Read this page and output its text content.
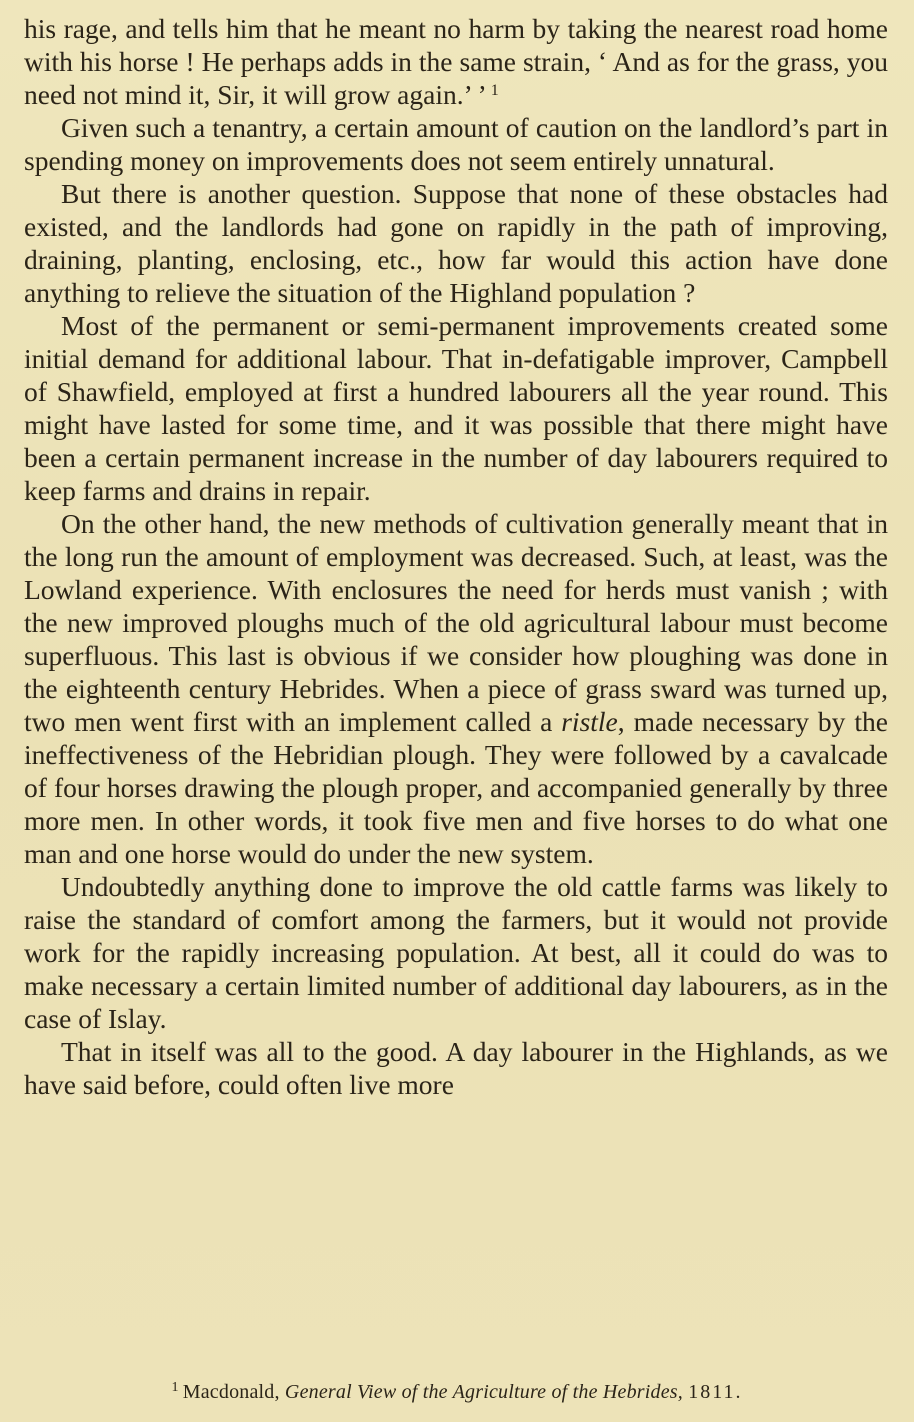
his rage, and tells him that he meant no harm by taking the nearest road home with his horse ! He perhaps adds in the same strain, ‘ And as for the grass, you need not mind it, Sir, it will grow again.’ ’ $^1$

Given such a tenantry, a certain amount of caution on the landlord’s part in spending money on improvements does not seem entirely unnatural.

But there is another question. Suppose that none of these obstacles had existed, and the landlords had gone on rapidly in the path of improving, draining, planting, enclosing, etc., how far would this action have done anything to relieve the situation of the Highland population ?

Most of the permanent or semi-permanent improvements created some initial demand for additional labour. That in-defatigable improver, Campbell of Shawfield, employed at first a hundred labourers all the year round. This might have lasted for some time, and it was possible that there might have been a certain permanent increase in the number of day labourers required to keep farms and drains in repair.

On the other hand, the new methods of cultivation generally meant that in the long run the amount of employment was decreased. Such, at least, was the Lowland experience. With enclosures the need for herds must vanish ; with the new improved ploughs much of the old agricultural labour must become superfluous. This last is obvious if we consider how ploughing was done in the eighteenth century Hebrides. When a piece of grass sward was turned up, two men went first with an implement called a ristle, made necessary by the ineffectiveness of the Hebridian plough. They were followed by a cavalcade of four horses drawing the plough proper, and accompanied generally by three more men. In other words, it took five men and five horses to do what one man and one horse would do under the new system.

Undoubtedly anything done to improve the old cattle farms was likely to raise the standard of comfort among the farmers, but it would not provide work for the rapidly increasing population. At best, all it could do was to make necessary a certain limited number of additional day labourers, as in the case of Islay.

That in itself was all to the good. A day labourer in the Highlands, as we have said before, could often live more

$^1$ Macdonald, General View of the Agriculture of the Hebrides, 1811.
